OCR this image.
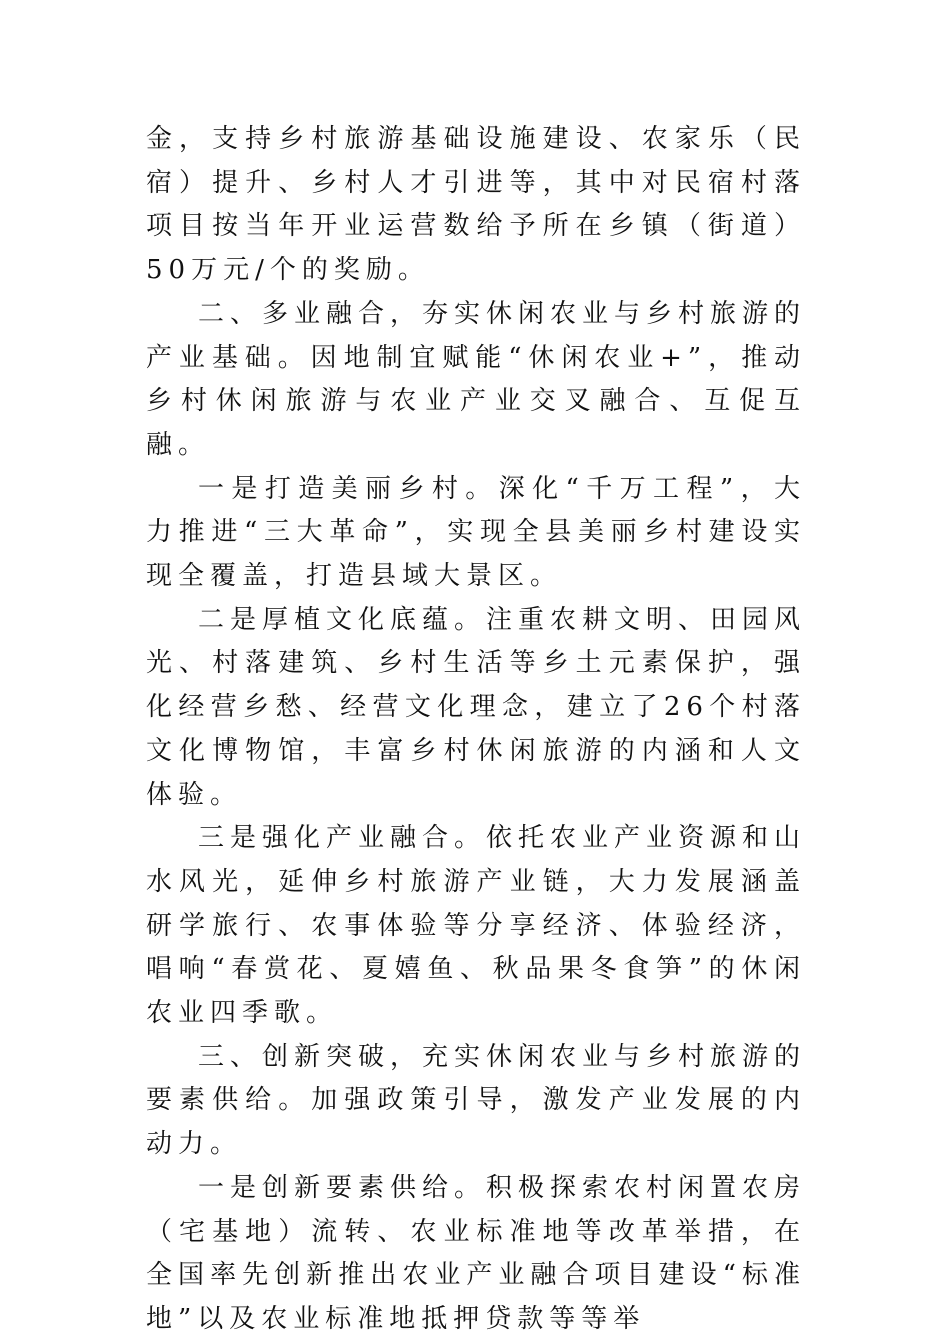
金，支持乡村旅游基础设施建设、农家乐（民宿）提升、乡村人才引进等，其中对民宿村落项目按当年开业运营数给予所在乡镇（街道）50万元/个的奖励。

二、多业融合，夯实休闲农业与乡村旅游的产业基础。因地制宜赋能“休闲农业+”，推动乡村休闲旅游与农业产业交叉融合、互促互融。

一是打造美丽乡村。深化“千万工程”，大力推进“三大革命”，实现全县美丽乡村建设实现全覆盖，打造县域大景区。

二是厚植文化底蕴。注重农耕文明、田园风光、村落建筑、乡村生活等乡土元素保护，强化经营乡愁、经营文化理念，建立了26个村落文化博物馆，丰富乡村休闲旅游的内涵和人文体验。

三是强化产业融合。依托农业产业资源和山水风光，延伸乡村旅游产业链，大力发展涵盖研学旅行、农事体验等分享经济、体验经济，唱响“春赏花、夏嬉鱼、秋品果冬食笋”的休闲农业四季歌。

三、创新突破，充实休闲农业与乡村旅游的要素供给。加强政策引导，激发产业发展的内动力。

一是创新要素供给。积极探索农村闲置农房（宅基地）流转、农业标准地等改革举措，在全国率先创新推出农业产业融合项目建设“标准地”以及农业标准地抵押贷款等等举
